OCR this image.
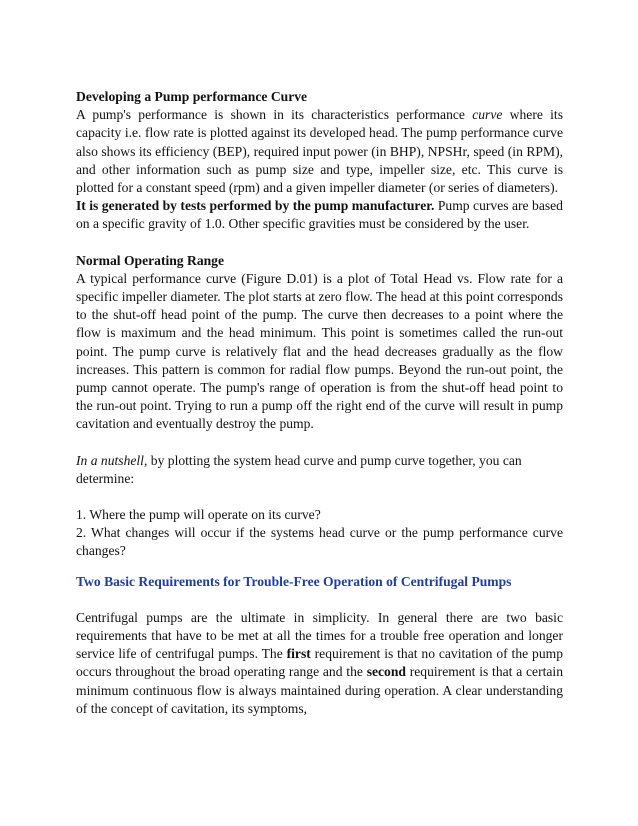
Developing a Pump performance Curve

A pump's performance is shown in its characteristics performance curve where its capacity i.e. flow rate is plotted against its developed head. The pump performance curve also shows its efficiency (BEP), required input power (in BHP), NPSHr, speed (in RPM), and other information such as pump size and type, impeller size, etc. This curve is plotted for a constant speed (rpm) and a given impeller diameter (or series of diameters).

It is generated by tests performed by the pump manufacturer. Pump curves are based on a specific gravity of 1.0. Other specific gravities must be considered by the user.

Normal Operating Range

A typical performance curve (Figure D.01) is a plot of Total Head vs. Flow rate for a specific impeller diameter. The plot starts at zero flow. The head at this point corresponds to the shut-off head point of the pump. The curve then decreases to a point where the flow is maximum and the head minimum. This point is sometimes called the run-out point. The pump curve is relatively flat and the head decreases gradually as the flow increases. This pattern is common for radial flow pumps. Beyond the run-out point, the pump cannot operate. The pump's range of operation is from the shut-off head point to the run-out point. Trying to run a pump off the right end of the curve will result in pump cavitation and eventually destroy the pump.

In a nutshell, by plotting the system head curve and pump curve together, you can determine:

1. Where the pump will operate on its curve?

2. What changes will occur if the systems head curve or the pump performance curve changes?

Two Basic Requirements for Trouble-Free Operation of Centrifugal Pumps

Centrifugal pumps are the ultimate in simplicity. In general there are two basic requirements that have to be met at all the times for a trouble free operation and longer service life of centrifugal pumps. The first requirement is that no cavitation of the pump occurs throughout the broad operating range and the second requirement is that a certain minimum continuous flow is always maintained during operation. A clear understanding of the concept of cavitation, its symptoms,
